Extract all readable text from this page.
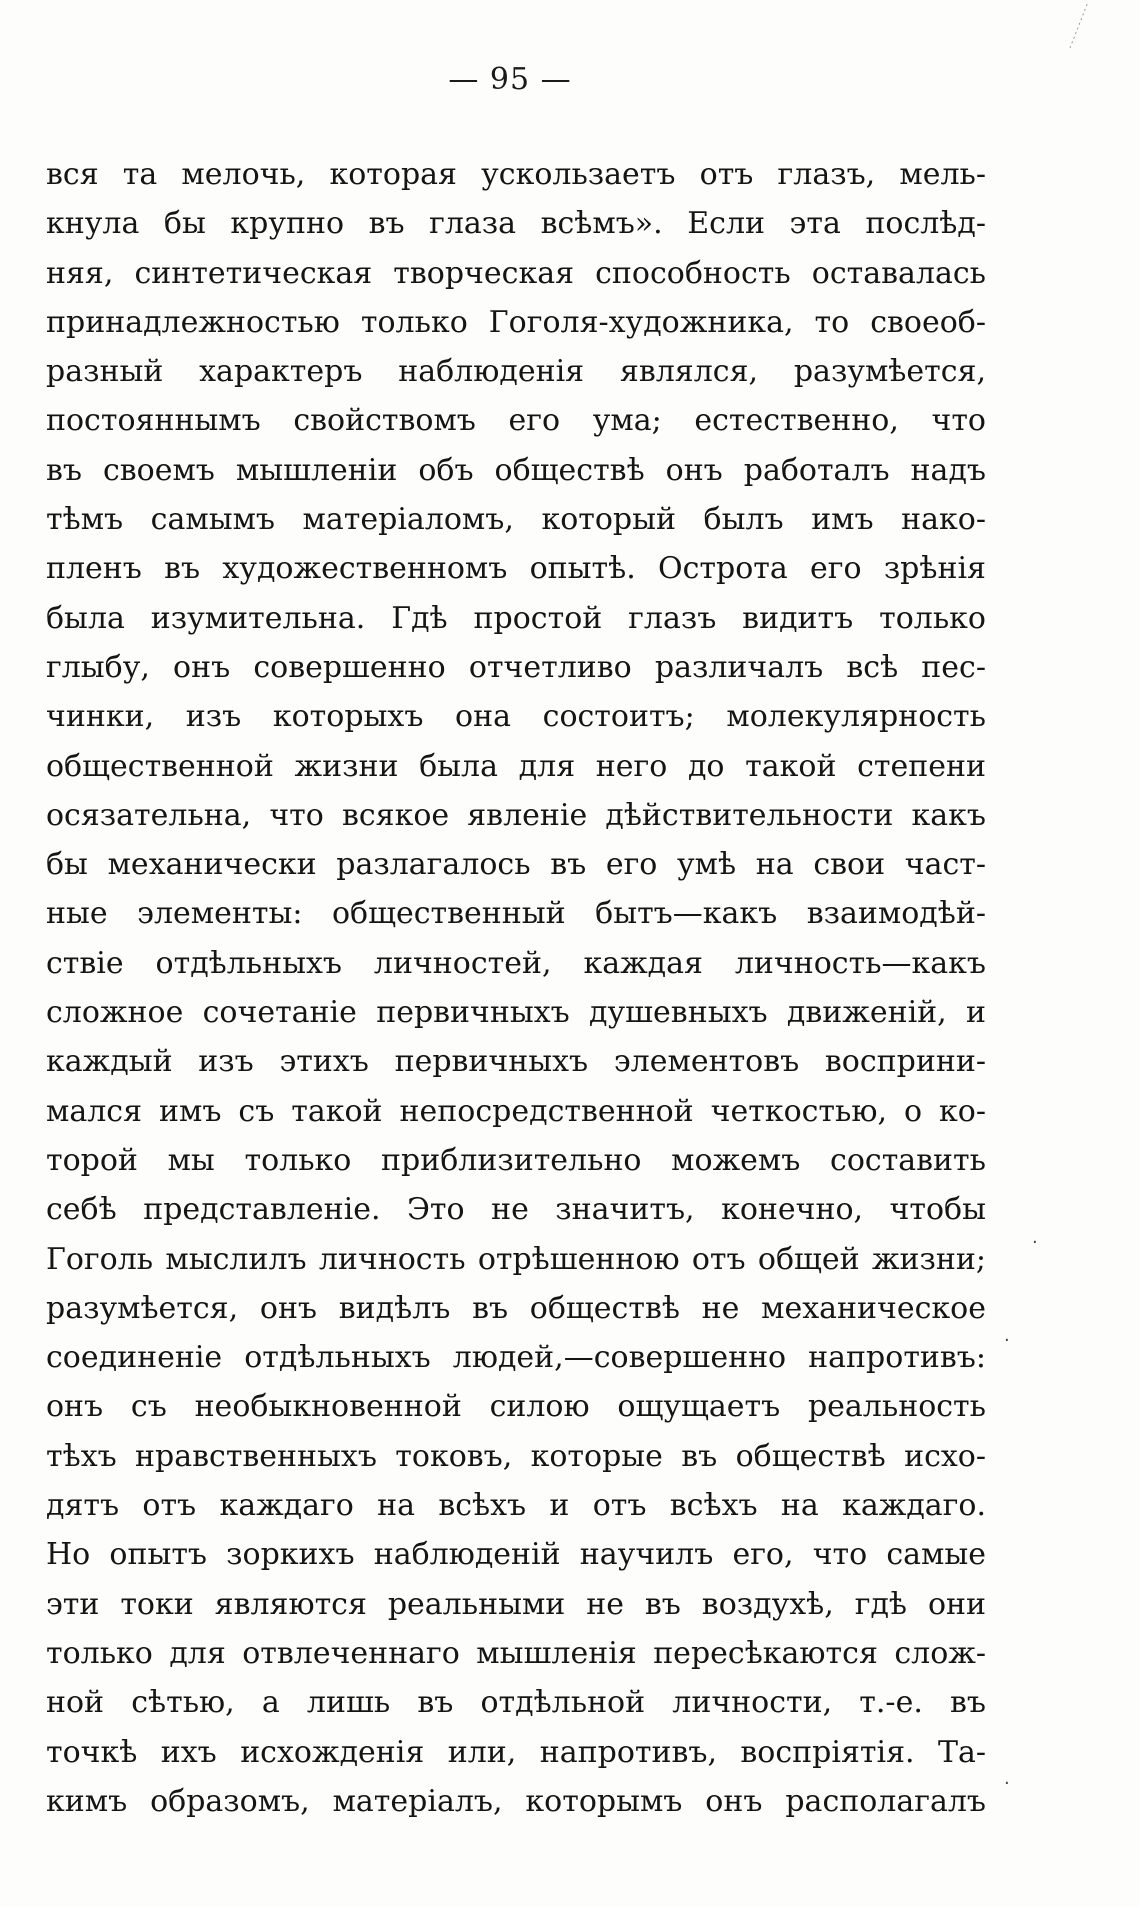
— 95 —
вся та мелочь, которая ускользаетъ отъ глазъ, мель-
кнула бы крупно въ глаза всѣмъ». Если эта послѣд-
няя, синтетическая творческая способность оставалась
принадлежностью только Гоголя-художника, то своеоб-
разный характеръ наблюденія являлся, разумѣется,
постояннымъ свойствомъ его ума; естественно, что
въ своемъ мышленіи объ обществѣ онъ работалъ надъ
тѣмъ самымъ матеріаломъ, который былъ имъ нако-
пленъ въ художественномъ опытѣ. Острота его зрѣнія
была изумительна. Гдѣ простой глазъ видитъ только
глыбу, онъ совершенно отчетливо различалъ всѣ пес-
чинки, изъ которыхъ она состоитъ; молекулярность
общественной жизни была для него до такой степени
осязательна, что всякое явленіе дѣйствительности какъ
бы механически разлагалось въ его умѣ на свои част-
ные элементы: общественный бытъ—какъ взаимодѣй-
ствіе отдѣльныхъ личностей, каждая личность—какъ
сложное сочетаніе первичныхъ душевныхъ движеній, и
каждый изъ этихъ первичныхъ элементовъ восприни-
мался имъ съ такой непосредственной четкостью, о ко-
торой мы только приблизительно можемъ составить
себѣ представленіе. Это не значитъ, конечно, чтобы
Гоголь мыслилъ личность отрѣшенною отъ общей жизни;
разумѣется, онъ видѣлъ въ обществѣ не механическое
соединеніе отдѣльныхъ людей,—совершенно напротивъ:
онъ съ необыкновенной силою ощущаетъ реальность
тѣхъ нравственныхъ токовъ, которые въ обществѣ исхо-
дятъ отъ каждаго на всѣхъ и отъ всѣхъ на каждаго.
Но опытъ зоркихъ наблюденій научилъ его, что самые
эти токи являются реальными не въ воздухѣ, гдѣ они
только для отвлеченнаго мышленія пересѣкаются слож-
ной сѣтью, а лишь въ отдѣльной личности, т.-е. въ
точкѣ ихъ исхожденія или, напротивъ, воспріятія. Та-
кимъ образомъ, матеріалъ, которымъ онъ располагалъ
·
·
·
